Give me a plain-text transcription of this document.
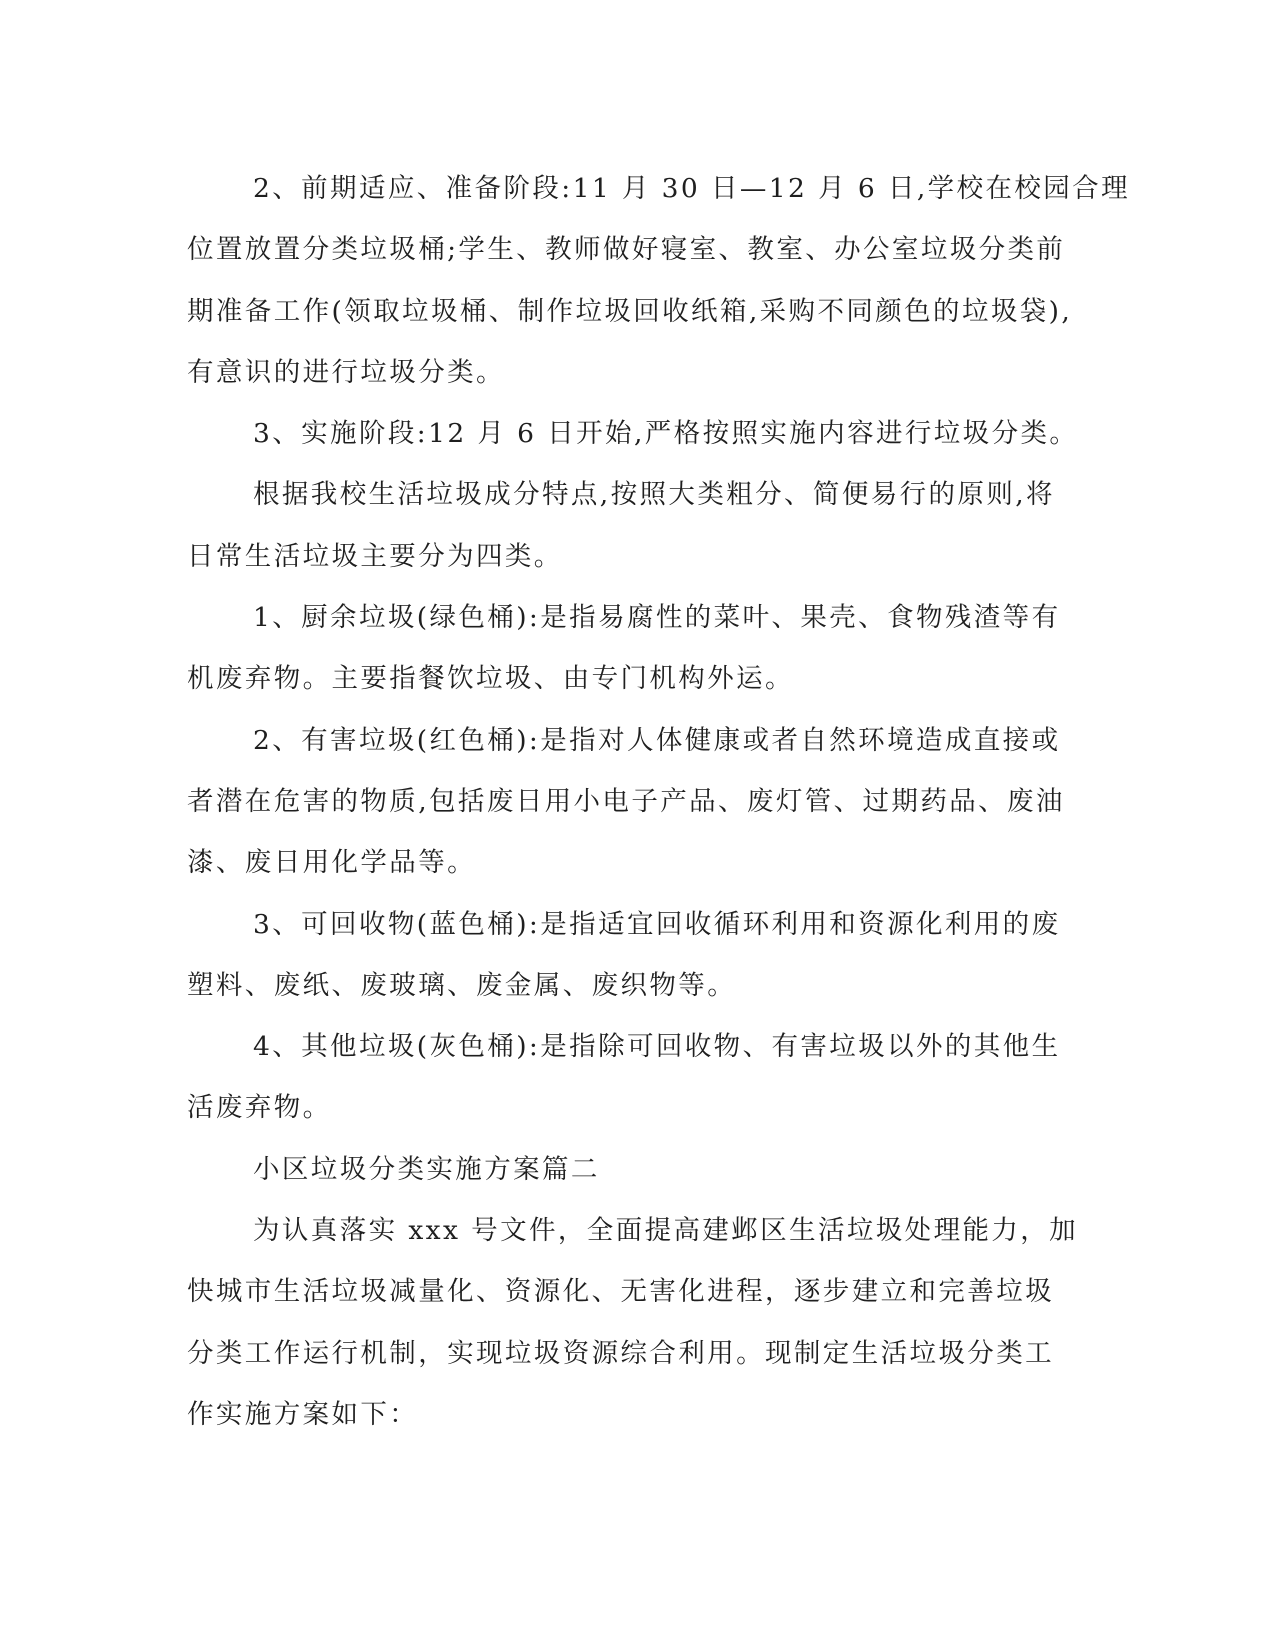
2、前期适应、准备阶段:11 月 30 日—12 月 6 日,学校在校园合理
位置放置分类垃圾桶;学生、教师做好寝室、教室、办公室垃圾分类前
期准备工作(领取垃圾桶、制作垃圾回收纸箱,采购不同颜色的垃圾袋),
有意识的进行垃圾分类。
3、实施阶段:12 月 6 日开始,严格按照实施内容进行垃圾分类。
根据我校生活垃圾成分特点,按照大类粗分、简便易行的原则,将
日常生活垃圾主要分为四类。
1、厨余垃圾(绿色桶):是指易腐性的菜叶、果壳、食物残渣等有
机废弃物。主要指餐饮垃圾、由专门机构外运。
2、有害垃圾(红色桶):是指对人体健康或者自然环境造成直接或
者潜在危害的物质,包括废日用小电子产品、废灯管、过期药品、废油
漆、废日用化学品等。
3、可回收物(蓝色桶):是指适宜回收循环利用和资源化利用的废
塑料、废纸、废玻璃、废金属、废织物等。
4、其他垃圾(灰色桶):是指除可回收物、有害垃圾以外的其他生
活废弃物。
小区垃圾分类实施方案篇二
为认真落实 xxx 号文件，全面提高建邺区生活垃圾处理能力，加
快城市生活垃圾减量化、资源化、无害化进程，逐步建立和完善垃圾
分类工作运行机制，实现垃圾资源综合利用。现制定生活垃圾分类工
作实施方案如下：
